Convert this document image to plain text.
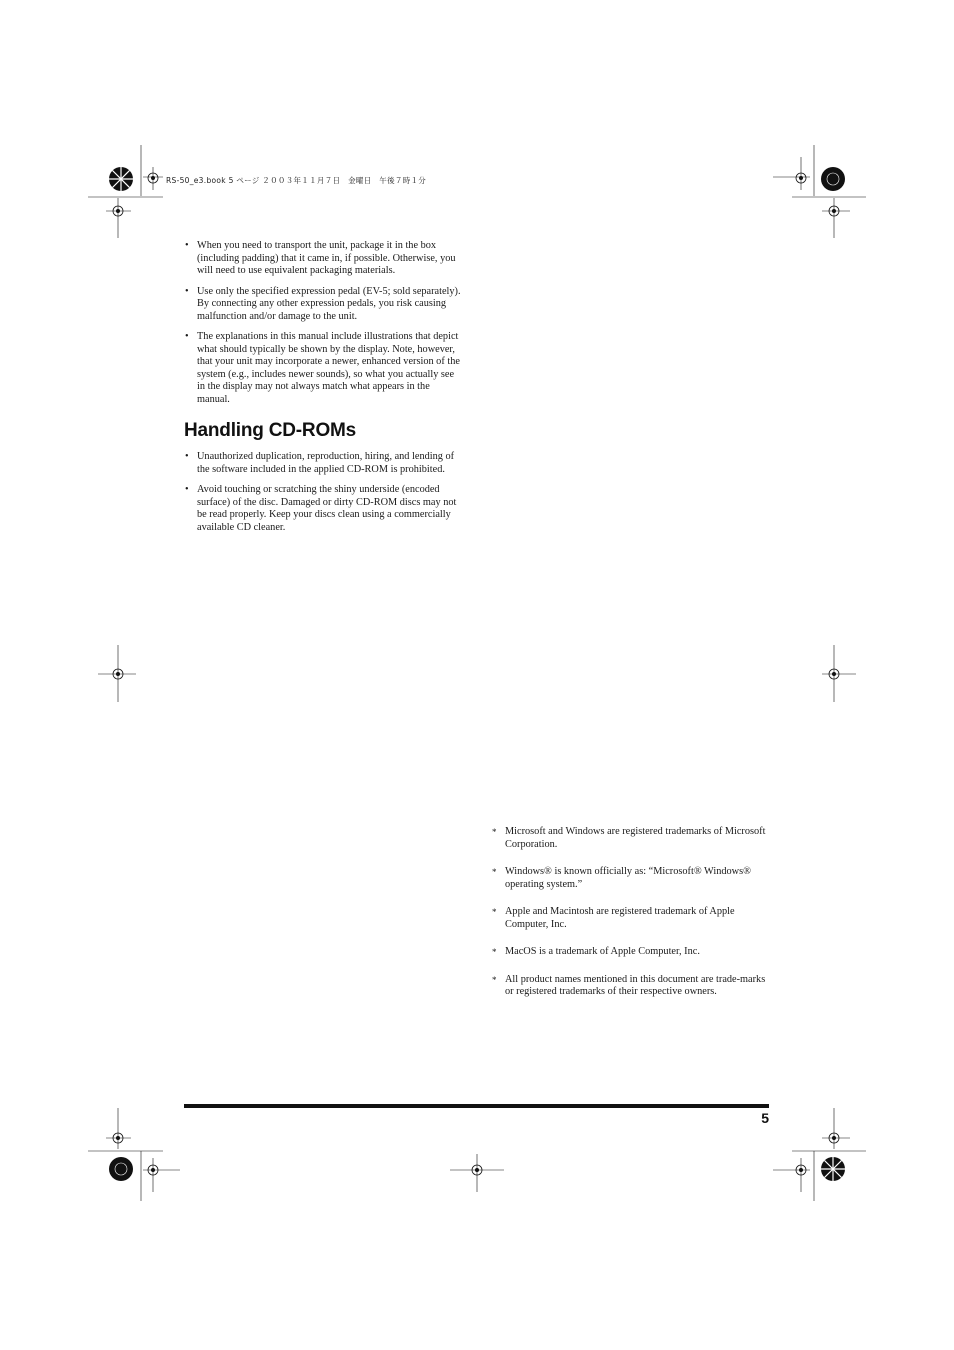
RS-50_e3.book 5 ページ ２００３年１１月７日　金曜日　午後７時１分
• When you need to transport the unit, package it in the box (including padding) that it came in, if possible. Otherwise, you will need to use equivalent packaging materials.
• Use only the specified expression pedal (EV-5; sold separately). By connecting any other expression pedals, you risk causing malfunction and/or damage to the unit.
• The explanations in this manual include illustrations that depict what should typically be shown by the display. Note, however, that your unit may incorporate a newer, enhanced version of the system (e.g., includes newer sounds), so what you actually see in the display may not always match what appears in the manual.
Handling CD-ROMs
• Unauthorized duplication, reproduction, hiring, and lending of the software included in the applied CD-ROM is prohibited.
• Avoid touching or scratching the shiny underside (encoded surface) of the disc. Damaged or dirty CD-ROM discs may not be read properly. Keep your discs clean using a commercially available CD cleaner.
* Microsoft and Windows are registered trademarks of Microsoft Corporation.
* Windows® is known officially as: “Microsoft® Windows® operating system.”
* Apple and Macintosh are registered trademark of Apple Computer, Inc.
* MacOS is a trademark of Apple Computer, Inc.
* All product names mentioned in this document are trade-marks or registered trademarks of their respective owners.
5
